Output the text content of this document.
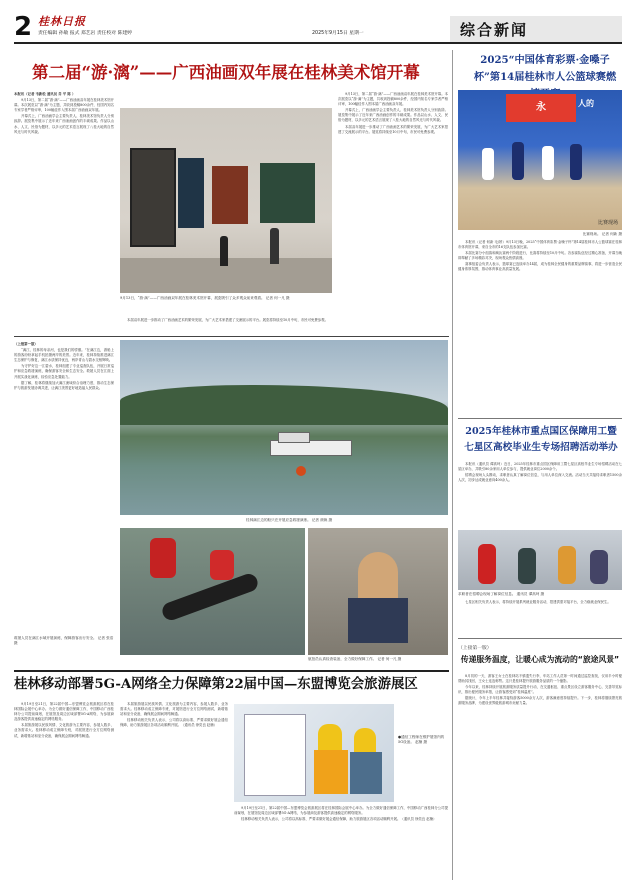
2 桂林日报
责任编辑 孙敏 报式 郑艺岩 责任校对 陈建婷	2025年9月15日 星期一	综合新闻
第二届“游·漓”——广西油画双年展在桂林美术馆开幕

本报讯（记者 韦新松 通讯员 肖 平 陈 ）

9月13日，第二届“游·漓”——广西油画双年展在桂林美术馆开幕。本次展览以“游·漓”为主题，共收到投稿800余件，经国内知名专家学者严格评审，100幅佳作入围本届广西油画双年展。

开幕式上，广西油画学会主要负责人、桂林美术馆负责人分别致辞。展览集中展示了近年来广西油画创作的丰硕成果。作品以山水、人文、民俗为题材，以多元的艺术语言展现了八桂大地的自然风光与时代风貌。

9月13日，“游·漓”——广西油画双年展在桂林美术馆开幕，展览吸引了众多观众前来观看。 记者 何一凡 摄

本届双年展进一步推动了广西油画艺术的繁荣发展，为广大艺术家搭建了交流展示的平台。展览将持续至10月中旬，市民可免费参观。

9月13日，第二届“游·漓”——广西油画双年展在桂林美术馆开幕。本次展览以“游·漓”为主题，共收到投稿800余件，经国内知名专家学者严格评审，100幅佳作入围本届广西油画双年展。

开幕式上，广西油画学会主要负责人、桂林美术馆负责人分别致辞。展览集中展示了近年来广西油画创作的丰硕成果。作品以山水、人文、民俗为题材，以多元的艺术语言展现了八桂大地的自然风光与时代风貌。

本届双年展进一步推动了广西油画艺术的繁荣发展，为广大艺术家搭建了交流展示的平台。展览将持续至10月中旬，市民可免费参观。

（上接第一版）

“漓江，桂林的母亲河，也是我们的骄傲。”在漓江边，游船上的游客纷纷拿起手机拍摄两岸的美景。近年来，桂林持续推进漓江生态保护与修复，漓江水质保持优良，两岸青山与碧水交相辉映。

为守护好这一江碧水，桂林组建了专业巡查队伍，开展日常巡护和应急救援演练，确保游客安全和生态安全。救援人员在江面上开展实战化演练，检验应急处置能力。

据了解，桂林将继续加大漓江流域综合治理力度，推动生态保护与旅游发展协调共进，让漓江美景更好地造福人民群众。

桂林漓江边的船只在开展应急救援演练。 记者 颜焕 摄
救援人员在漓江水域开展演练，保障游客出行安全。 记者 张浩 摄
航拍员认真检查装备，全力做好保障工作。 记者 何一凡 摄
桂林移动部署5G-A网络全力保障第22届中国—东盟博览会旅游展区

9月19日至21日，第22届中国—东盟博览会旅游展区将在桂林国际会展中心举办。为全力做好通信保障工作，中国移动广西桂林分公司提前谋划，在展馆及周边区域部署5G-A网络，为参展商及游客提供高速稳定的网络服务。

本届旅游展以民族风情、文化旅游为主要内容，参展人数多、业务需求大。桂林移动成立保障专班，对展馆进行全方位网络测试，新增基站和室分设备，确保展会期间网络畅通。

本届旅游展以民族风情、文化旅游为主要内容，参展人数多、业务需求大。桂林移动成立保障专班，对展馆进行全方位网络测试，新增基站和室分设备，确保展会期间网络畅通。

桂林移动相关负责人表示，公司将以高标准、严要求做好展会通信保障，助力旅游展区各项活动顺利开展。（通讯员 徐奕良 赵楠）

●通信工程师在维护展馆内的5G设备。 赵楠 摄

9月19日至21日，第22届中国—东盟博览会旅游展区将在桂林国际会展中心举办。为全力做好通信保障工作，中国移动广西桂林分公司提前谋划，在展馆及周边区域部署5G-A网络，为参展商及游客提供高速稳定的网络服务。

桂林移动相关负责人表示，公司将以高标准、严要求做好展会通信保障，助力旅游展区各项活动顺利开展。（通讯员 徐奕良 赵楠）

2025“中国体育彩票·金嗓子杯”第14届桂林市人公篮球赛燃
永	人的
比赛现场
比赛现场。 记者 何新 摄

本报讯（记者 何新 毛/婷）9月13日晚，2025“中国体育彩票·金嗓子杯”第14届桂林市人公篮球赛在桂林市体育馆开幕，来自全市的16支队伍参加比赛。

本届比赛分小组赛和淘汰赛两个阶段进行，比赛将持续至10月中旬。各参赛队伍经过精心准备，开幕当晚即奉献了多场精彩对决，现场观众热情高涨。

赛事组委会负责人表示，篮球赛已连续举办14届，成为桂林全民健身的重要品牌赛事，将进一步营造全民健身浓厚氛围，推动体育事业高质量发展。

2025年桂林市重点国区保障用工暨七星区高校毕业生专场招聘活动举办

本报讯（通讯员 谭高珂）近日，2025年桂林市重点国区保障用工暨七星区高校毕业生专场招聘活动在七星区举办，共吸引80余家用人单位参与，提供就业岗位2000余个。

招聘会现场人头攒动，求职者认真了解岗位信息，与用人单位深入交流。活动当天共接待求职者1500余人次，初步达成就业意向400余人。

求职者在招聘会现场了解岗位信息。 通讯员 谭高珂 摄

七星区相关负责人表示，将持续开展系列就业服务活动，搭建供需对接平台，全力稳就业保民生。

（上接第一版）
传递服务温度，让暖心成为流动的“旅途风景”

8月初的一天，游客王女士在桂林站不慎遗失行李，车站工作人员第一时间通过监控查找，仅用半小时便帮助其找回，王女士连连称赞。这只是桂林提升旅游服务品质的一个缩影。

今年以来，桂林持续开展旅游服务质量提升行动，在交通枢纽、重点景区设立游客服务中心，完善导览标识，推出便民服务举措，让游客感受到“桂林温度”。

据统计，今年上半年桂林共接待游客5000余万人次，游客满意度持续提升。下一步，桂林将继续擦亮旅游服务品牌，为建设世界级旅游城市贡献力量。
